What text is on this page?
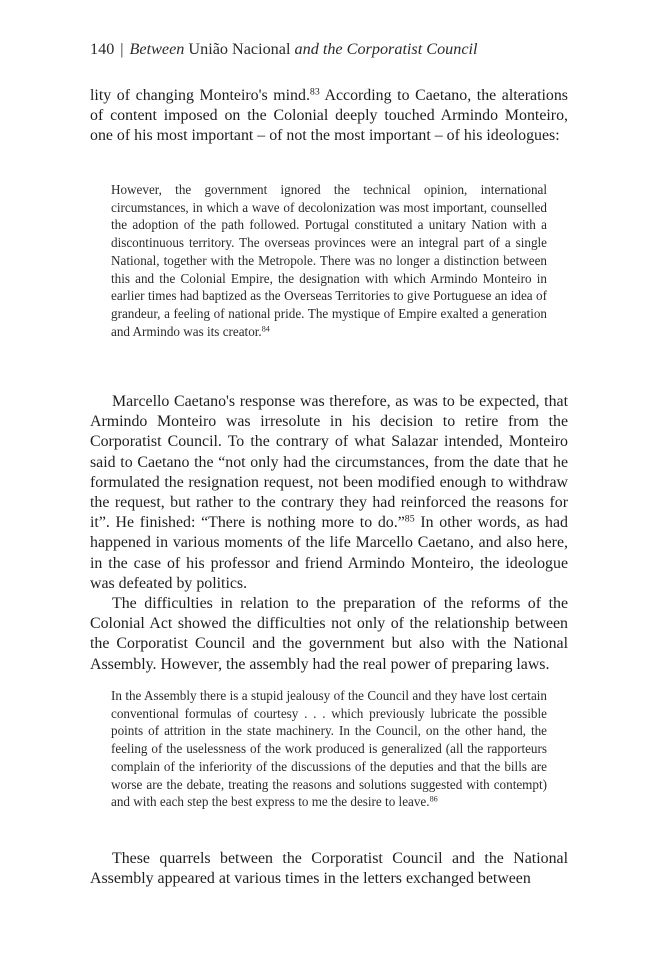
140 | Between União Nacional and the Corporatist Council

lity of changing Monteiro's mind.$^{83}$ According to Caetano, the alterations of content imposed on the Colonial deeply touched Armindo Monteiro, one of his most important – of not the most important – of his ideologues:

However, the government ignored the technical opinion, international circumstances, in which a wave of decolonization was most important, counselled the adoption of the path followed. Portugal constituted a unitary Nation with a discontinuous territory. The overseas provinces were an integral part of a single National, together with the Metropole. There was no longer a distinction between this and the Colonial Empire, the designation with which Armindo Monteiro in earlier times had baptized as the Overseas Territories to give Portuguese an idea of grandeur, a feeling of national pride. The mystique of Empire exalted a generation and Armindo was its creator.$^{84}$

Marcello Caetano's response was therefore, as was to be expected, that Armindo Monteiro was irresolute in his decision to retire from the Corporatist Council. To the contrary of what Salazar intended, Monteiro said to Caetano the “not only had the circumstances, from the date that he formulated the resignation request, not been modified enough to withdraw the request, but rather to the contrary they had reinforced the reasons for it”. He finished: “There is nothing more to do.”$^{85}$ In other words, as had happened in various moments of the life Marcello Caetano, and also here, in the case of his professor and friend Armindo Monteiro, the ideologue was defeated by politics.

The difficulties in relation to the preparation of the reforms of the Colonial Act showed the difficulties not only of the relationship between the Corporatist Council and the government but also with the National Assembly. However, the assembly had the real power of preparing laws.

In the Assembly there is a stupid jealousy of the Council and they have lost certain conventional formulas of courtesy . . . which previously lubricate the possible points of attrition in the state machinery. In the Council, on the other hand, the feeling of the uselessness of the work produced is generalized (all the rapporteurs complain of the inferiority of the discussions of the deputies and that the bills are worse are the debate, treating the reasons and solutions suggested with contempt) and with each step the best express to me the desire to leave.$^{86}$

These quarrels between the Corporatist Council and the National Assembly appeared at various times in the letters exchanged between
